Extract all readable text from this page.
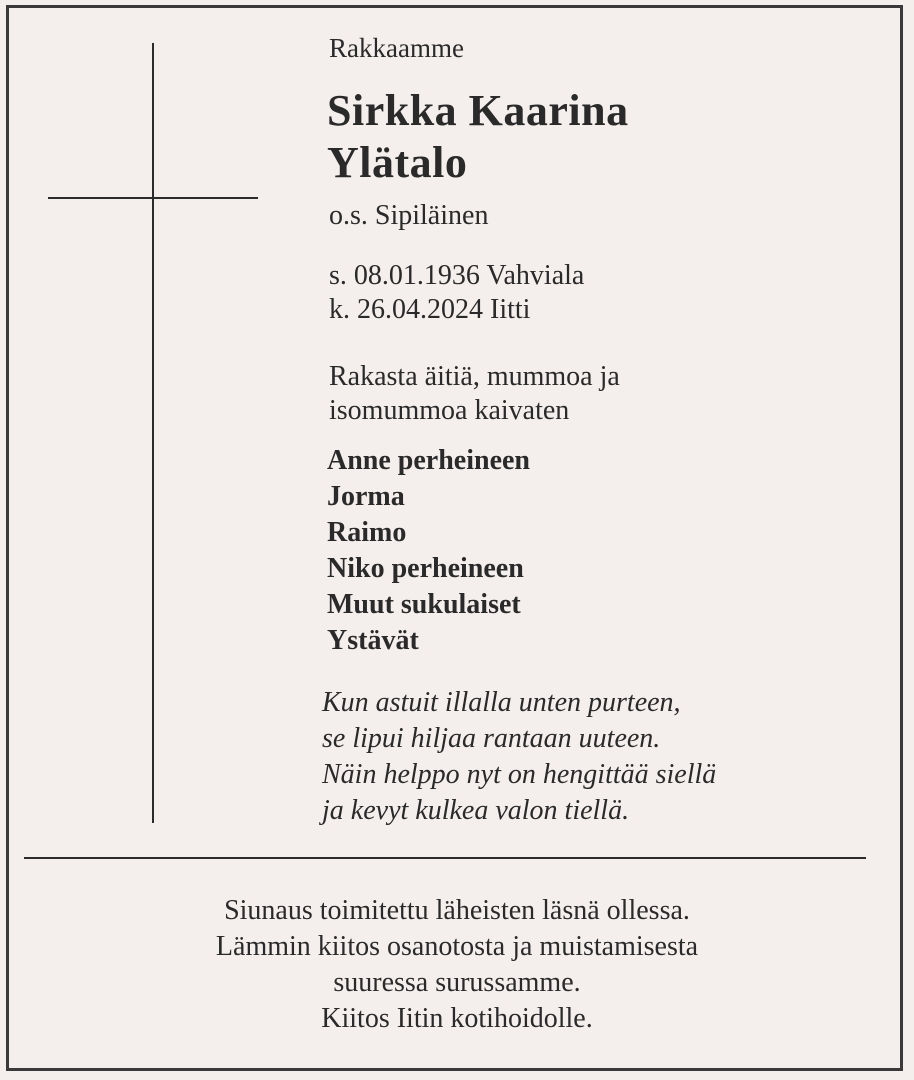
Rakkaamme
Sirkka Kaarina
Ylätalo
o.s. Sipiläinen
s. 08.01.1936 Vahviala
k. 26.04.2024 Iitti
Rakasta äitiä, mummoa ja
isomummoa kaivaten
Anne perheineen
Jorma
Raimo
Niko perheineen
Muut sukulaiset
Ystävät
Kun astuit illalla unten purteen,
se lipui hiljaa rantaan uuteen.
Näin helppo nyt on hengittää siellä
ja kevyt kulkea valon tiellä.
Siunaus toimitettu läheisten läsnä ollessa.
Lämmin kiitos osanotosta ja muistamisesta
suuressa surussamme.
Kiitos Iitin kotihoidolle.
